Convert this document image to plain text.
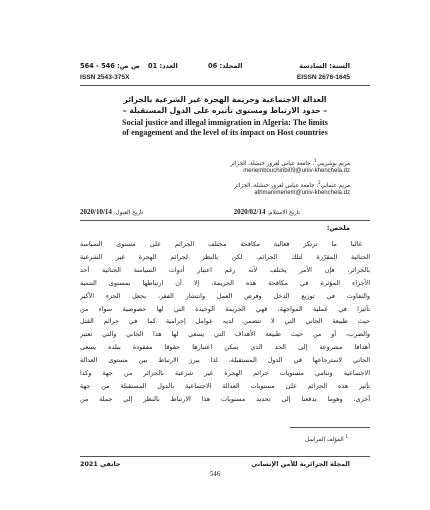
السنة: السادسة
المجلد: 06
العدد: 01
ص ص: 546 - 564
EISSN 2676-1645
ISSN 2543-375X
العدالة الاجتماعية وجريمة الهجرة غير الشرعية بالجزائر
– حدود الارتباط ومستوى تأثيره على الدول المستقبلة –
Social justice and illegal immigration in Algeria: The limits of engagement and the level of its impact on Host countries
مريم بوشريبي$^1$، جامعة عباس لغرور خنشلة، الجزائر
meriembouchiribi09@univ-khenchela.dz
مريم عثماني$^2$، جامعة عباس لغرور خنشلة، الجزائر
athmanimeriem@univ-khenchela.dz
تاريخ الاستلام: 2020/02/14
تاريخ القبول: 2020/10/14
ملخص:
غالبا ما ترتكز فعالية مكافحة مختلف الجرائم على مستوى السياسة
الجنائية المقرّرة لتلك الجرائم، لكن بالنظر لجرائم الهجرة غير الشرعية
بالجزائر، فإن الأمر يختلف لأنه رغم اعتبار أدوات السياسة الجنائية أحد
الأجزاء المؤثرة في مكافحة هذه الجريمة، إلا أن ارتباطها بمستوى التنمية
والتفاوت في توزيع الدخل وفرص العمل وانتشار الفقر، يجعل الجزء الأكبر
تأثيرا في عملية المواجهة، فهي الجريمة الوحيدة التي لها خصوصية سواء من
حيث طبيعة الجاني التي لا تتضمن لديه عوامل إجرامية كما في جرائم القتل
والضرب، أو من حيث طبيعة الأهداف التي يسعى لها هذا الجاني والتي تعتبر
أهدافا مشروعة إلى الحد الذي يمكن اعتبارها حقوقا مفقودة ببلده يسعى
الجاني لاسترجاعها في الدول المستقبلة، لذا يبرز الارتباط بين مستوى العدالة
الاجتماعية وتنامي مستويات جرائم الهجرة غير شرعية بالجزائر من جهة وكذا
تأثير هذه الجرائم على مستويات العدالة الاجتماعية بالدول المستقبلة من جهة
أخرى، وهوما يدفعنا إلى تحديد مستويات هذا الارتباط بالنظر إلى جملة من
$^1$ المؤلف المراسل
المجلة الجزائرية للأمن الإنساني
جانفي 2021
546
